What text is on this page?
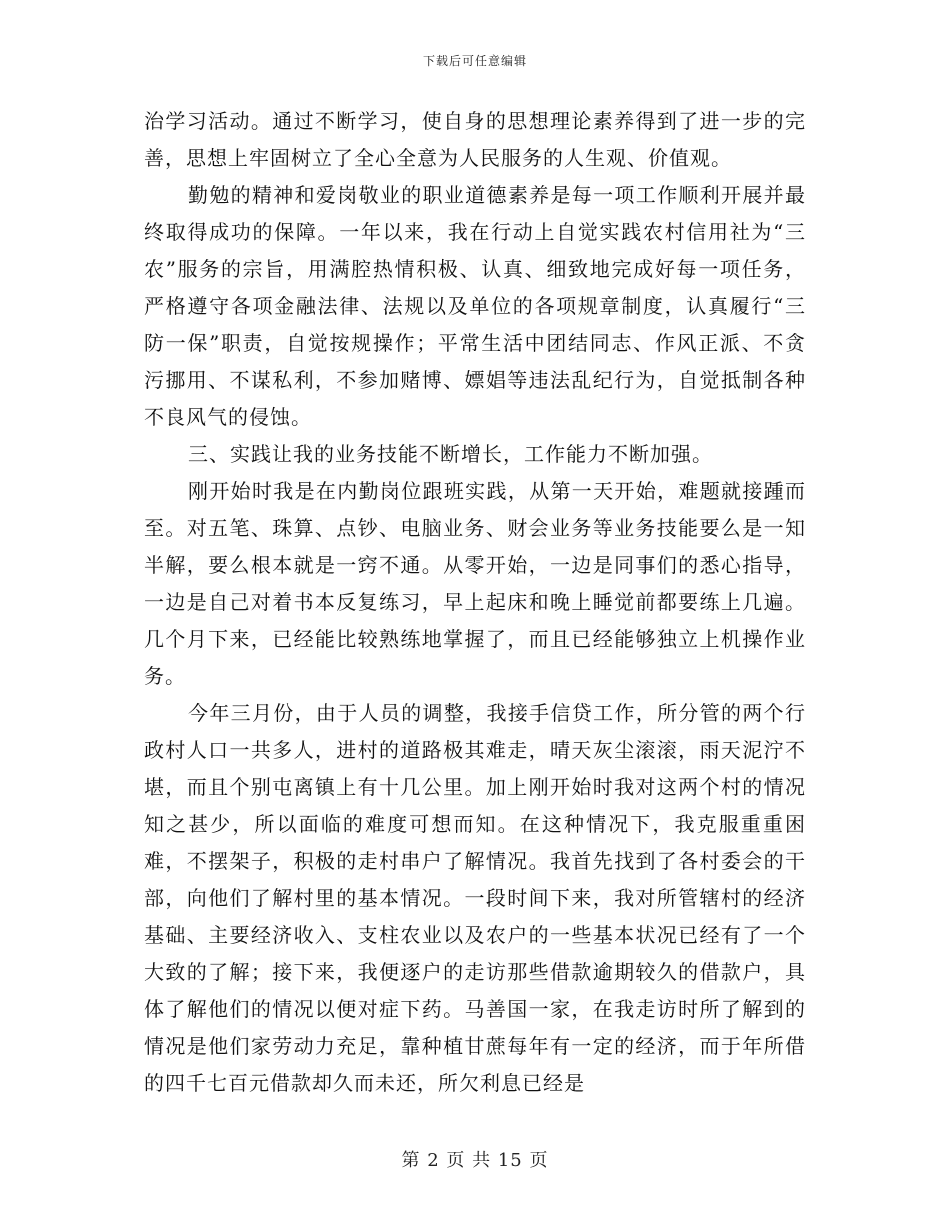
下载后可任意编辑

治学习活动。通过不断学习，使自身的思想理论素养得到了进一步的完善，思想上牢固树立了全心全意为人民服务的人生观、价值观。

勤勉的精神和爱岗敬业的职业道德素养是每一项工作顺利开展并最终取得成功的保障。一年以来，我在行动上自觉实践农村信用社为“三农”服务的宗旨，用满腔热情积极、认真、细致地完成好每一项任务，严格遵守各项金融法律、法规以及单位的各项规章制度，认真履行“三防一保”职责，自觉按规操作；平常生活中团结同志、作风正派、不贪污挪用、不谋私利，不参加赌博、嫖娼等违法乱纪行为，自觉抵制各种不良风气的侵蚀。

三、实践让我的业务技能不断增长，工作能力不断加强。

刚开始时我是在内勤岗位跟班实践，从第一天开始，难题就接踵而至。对五笔、珠算、点钞、电脑业务、财会业务等业务技能要么是一知半解，要么根本就是一窍不通。从零开始，一边是同事们的悉心指导，一边是自己对着书本反复练习，早上起床和晚上睡觉前都要练上几遍。几个月下来，已经能比较熟练地掌握了，而且已经能够独立上机操作业务。

今年三月份，由于人员的调整，我接手信贷工作，所分管的两个行政村人口一共多人，进村的道路极其难走，晴天灰尘滚滚，雨天泥泞不堪，而且个别屯离镇上有十几公里。加上刚开始时我对这两个村的情况知之甚少，所以面临的难度可想而知。在这种情况下，我克服重重困难，不摆架子，积极的走村串户了解情况。我首先找到了各村委会的干部，向他们了解村里的基本情况。一段时间下来，我对所管辖村的经济基础、主要经济收入、支柱农业以及农户的一些基本状况已经有了一个大致的了解；接下来，我便逐户的走访那些借款逾期较久的借款户，具体了解他们的情况以便对症下药。马善国一家，在我走访时所了解到的情况是他们家劳动力充足，靠种植甘蔗每年有一定的经济，而于年所借的四千七百元借款却久而未还，所欠利息已经是

第 2 页 共 15 页
